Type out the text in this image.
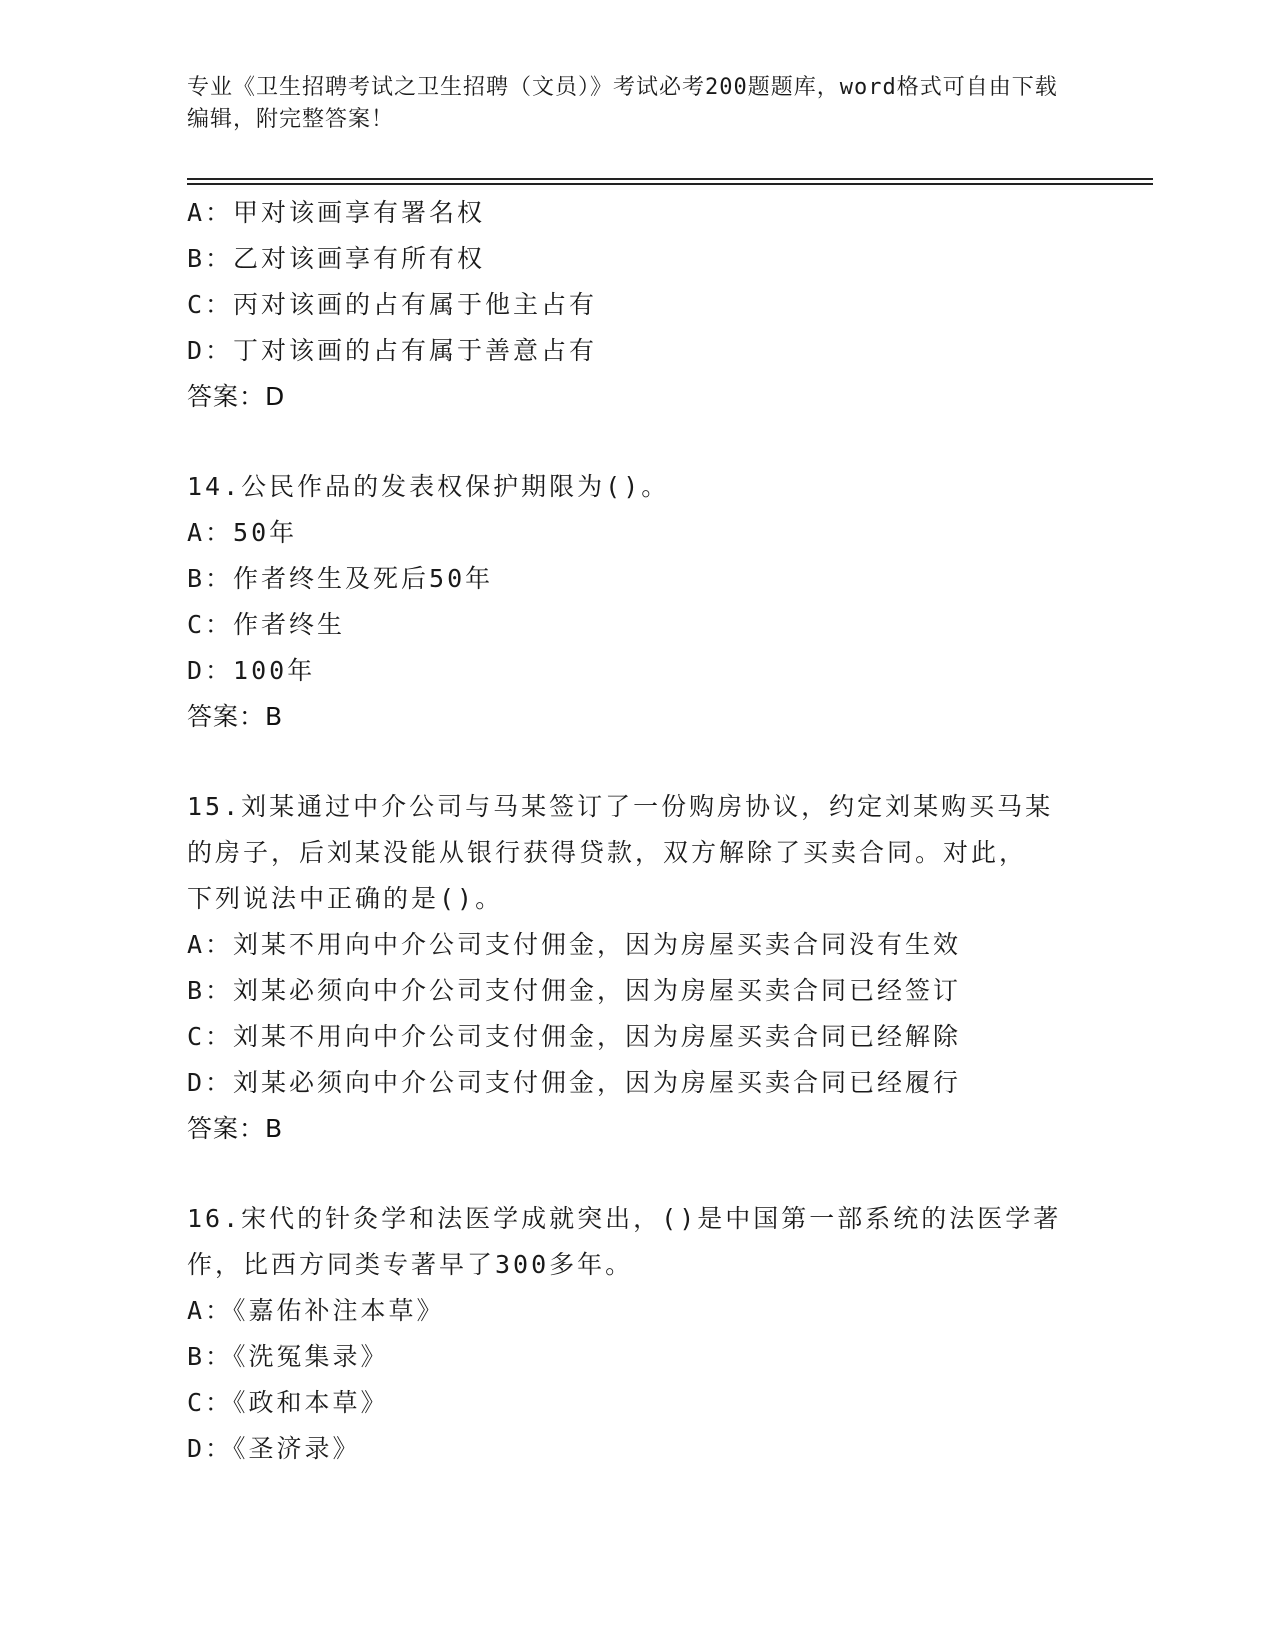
专业《卫生招聘考试之卫生招聘（文员）》考试必考200题题库，word格式可自由下载编辑，附完整答案！
A：甲对该画享有署名权
B：乙对该画享有所有权
C：丙对该画的占有属于他主占有
D：丁对该画的占有属于善意占有
答案：D
14.公民作品的发表权保护期限为()。
A：50年
B：作者终生及死后50年
C：作者终生
D：100年
答案：B
15.刘某通过中介公司与马某签订了一份购房协议，约定刘某购买马某
的房子，后刘某没能从银行获得贷款，双方解除了买卖合同。对此，
下列说法中正确的是()。
A：刘某不用向中介公司支付佣金，因为房屋买卖合同没有生效
B：刘某必须向中介公司支付佣金，因为房屋买卖合同已经签订
C：刘某不用向中介公司支付佣金，因为房屋买卖合同已经解除
D：刘某必须向中介公司支付佣金，因为房屋买卖合同已经履行
答案：B
16.宋代的针灸学和法医学成就突出，()是中国第一部系统的法医学著
作，比西方同类专著早了300多年。
A：《嘉佑补注本草》
B：《洗冤集录》
C：《政和本草》
D：《圣济录》
